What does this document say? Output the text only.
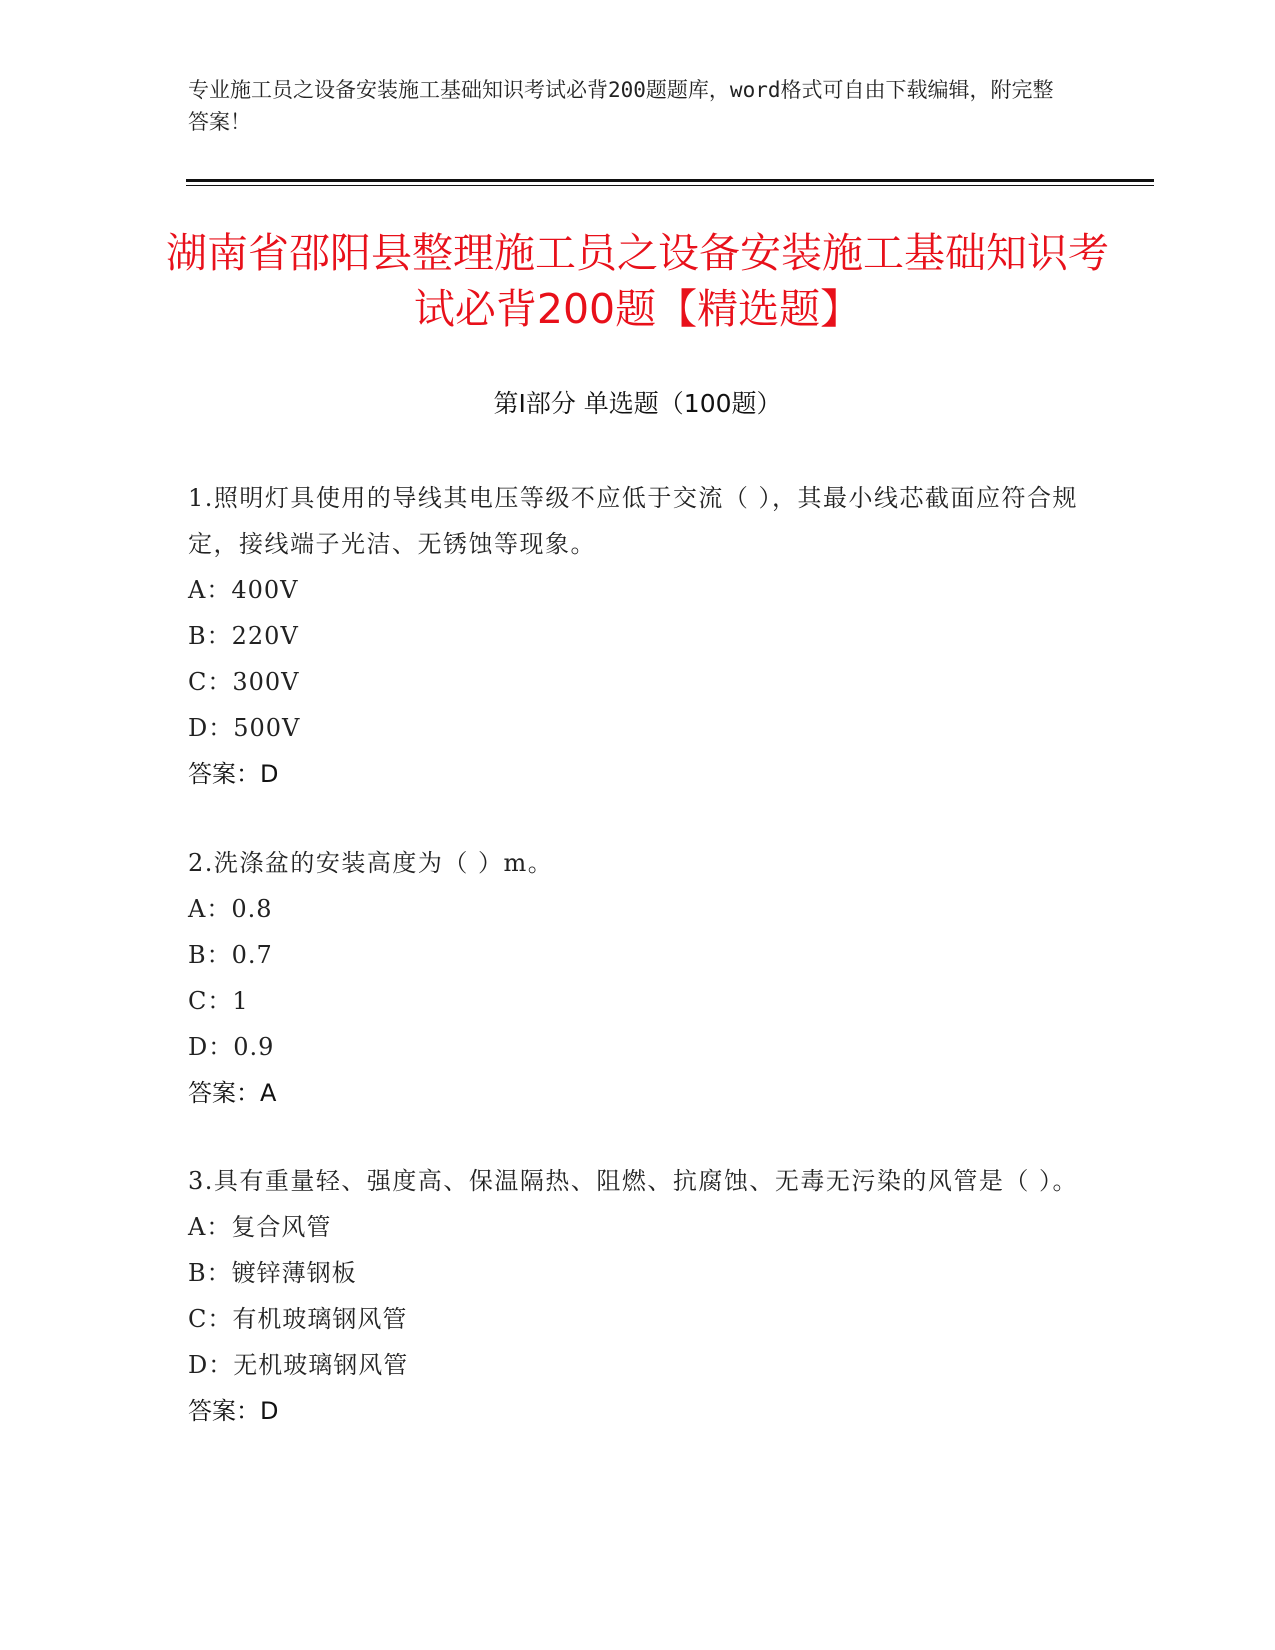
专业施工员之设备安装施工基础知识考试必背200题题库，word格式可自由下载编辑，附完整答案！
湖南省邵阳县整理施工员之设备安装施工基础知识考试必背200题【精选题】
第Ⅰ部分 单选题（100题）
1.照明灯具使用的导线其电压等级不应低于交流（ ），其最小线芯截面应符合规定，接线端子光洁、无锈蚀等现象。
A：400V
B：220V
C：300V
D：500V
答案：D
2.洗涤盆的安装高度为（ ）m。
A：0.8
B：0.7
C：1
D：0.9
答案：A
3.具有重量轻、强度高、保温隔热、阻燃、抗腐蚀、无毒无污染的风管是（ ）。
A：复合风管
B：镀锌薄钢板
C：有机玻璃钢风管
D：无机玻璃钢风管
答案：D
